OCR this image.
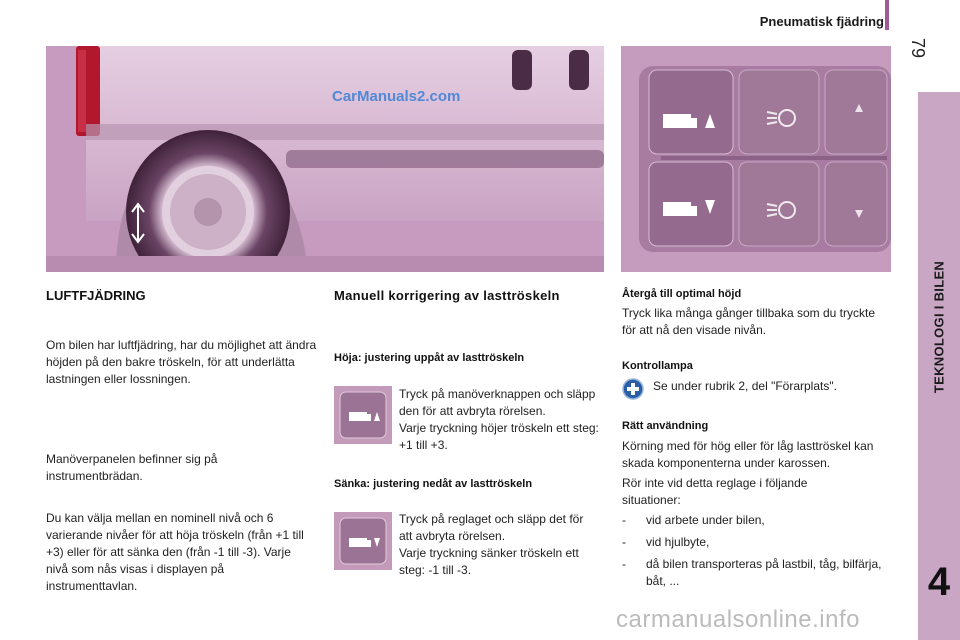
Pneumatisk fjädring
79
TEKNOLOGI I BILEN
4
CarManuals2.com
LUFTFJÄDRING
Om bilen har luftfjädring, har du möjlighet att ändra höjden på den bakre tröskeln, för att underlätta lastningen eller lossningen.
Manöverpanelen befinner sig på instrumentbrädan.
Du kan välja mellan en nominell nivå och 6 varierande nivåer för att höja tröskeln (från +1 till +3) eller för att sänka den (från -1 till -3). Varje nivå som nås visas i displayen på instrumenttavlan.
Manuell korrigering av lasttröskeln
Höja: justering uppåt av lasttröskeln
Tryck på manöverknappen och släpp den för att avbryta rörelsen.
Varje tryckning höjer tröskeln ett steg: +1 till +3.
Sänka: justering nedåt av lasttröskeln
Tryck på reglaget och släpp det för att avbryta rörelsen.
Varje tryckning sänker tröskeln ett steg: -1 till -3.
Återgå till optimal höjd
Tryck lika många gånger tillbaka som du tryckte för att nå den visade nivån.
Kontrollampa
Se under rubrik 2, del "Förarplats".
Rätt användning
Körning med för hög eller för låg lasttröskel kan skada komponenterna under karossen.
Rör inte vid detta reglage i följande situationer:
- vid arbete under bilen,
- vid hjulbyte,
- då bilen transporteras på lastbil, tåg, bilfärja, båt, ...
carmanualsonline.info
